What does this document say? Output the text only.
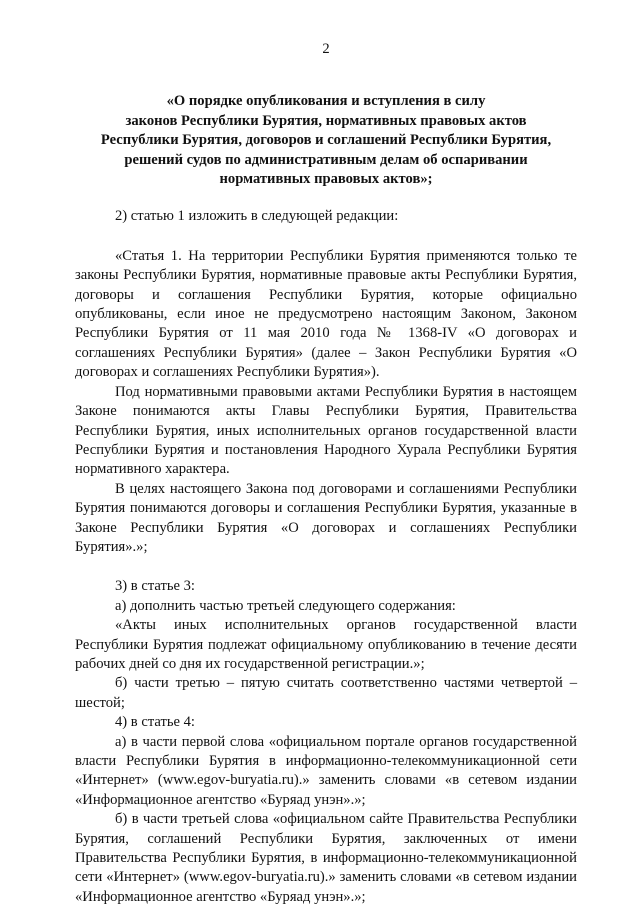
2
«О порядке опубликования и вступления в силу
законов Республики Бурятия, нормативных правовых актов
Республики Бурятия, договоров и соглашений Республики Бурятия,
решений судов по административным делам об оспаривании
нормативных правовых актов»;

2) статью 1 изложить в следующей редакции:

«Статья 1. На территории Республики Бурятия применяются только те законы Республики Бурятия, нормативные правовые акты Республики Бурятия, договоры и соглашения Республики Бурятия, которые официально опубликованы, если иное не предусмотрено настоящим Законом, Законом Республики Бурятия от 11 мая 2010 года № 1368-IV «О договорах и соглашениях Республики Бурятия» (далее – Закон Республики Бурятия «О договорах и соглашениях Республики Бурятия»).

Под нормативными правовыми актами Республики Бурятия в настоящем Законе понимаются акты Главы Республики Бурятия, Правительства Республики Бурятия, иных исполнительных органов государственной власти Республики Бурятия и постановления Народного Хурала Республики Бурятия нормативного характера.

В целях настоящего Закона под договорами и соглашениями Республики Бурятия понимаются договоры и соглашения Республики Бурятия, указанные в Законе Республики Бурятия «О договорах и соглашениях Республики Бурятия».»;

3) в статье 3:

а) дополнить частью третьей следующего содержания:

«Акты иных исполнительных органов государственной власти Республики Бурятия подлежат официальному опубликованию в течение десяти рабочих дней со дня их государственной регистрации.»;

б) части третью – пятую считать соответственно частями четвертой – шестой;

4) в статье 4:

а) в части первой слова «официальном портале органов государственной власти Республики Бурятия в информационно-телекоммуникационной сети «Интернет» (www.egov-buryatia.ru).» заменить словами «в сетевом издании «Информационное агентство «Буряад унэн».»;

б) в части третьей слова «официальном сайте Правительства Республики Бурятия, соглашений Республики Бурятия, заключенных от имени Правительства Республики Бурятия, в информационно-телекоммуникационной сети «Интернет» (www.egov-buryatia.ru).» заменить словами «в сетевом издании «Информационное агентство «Буряад унэн».»;
